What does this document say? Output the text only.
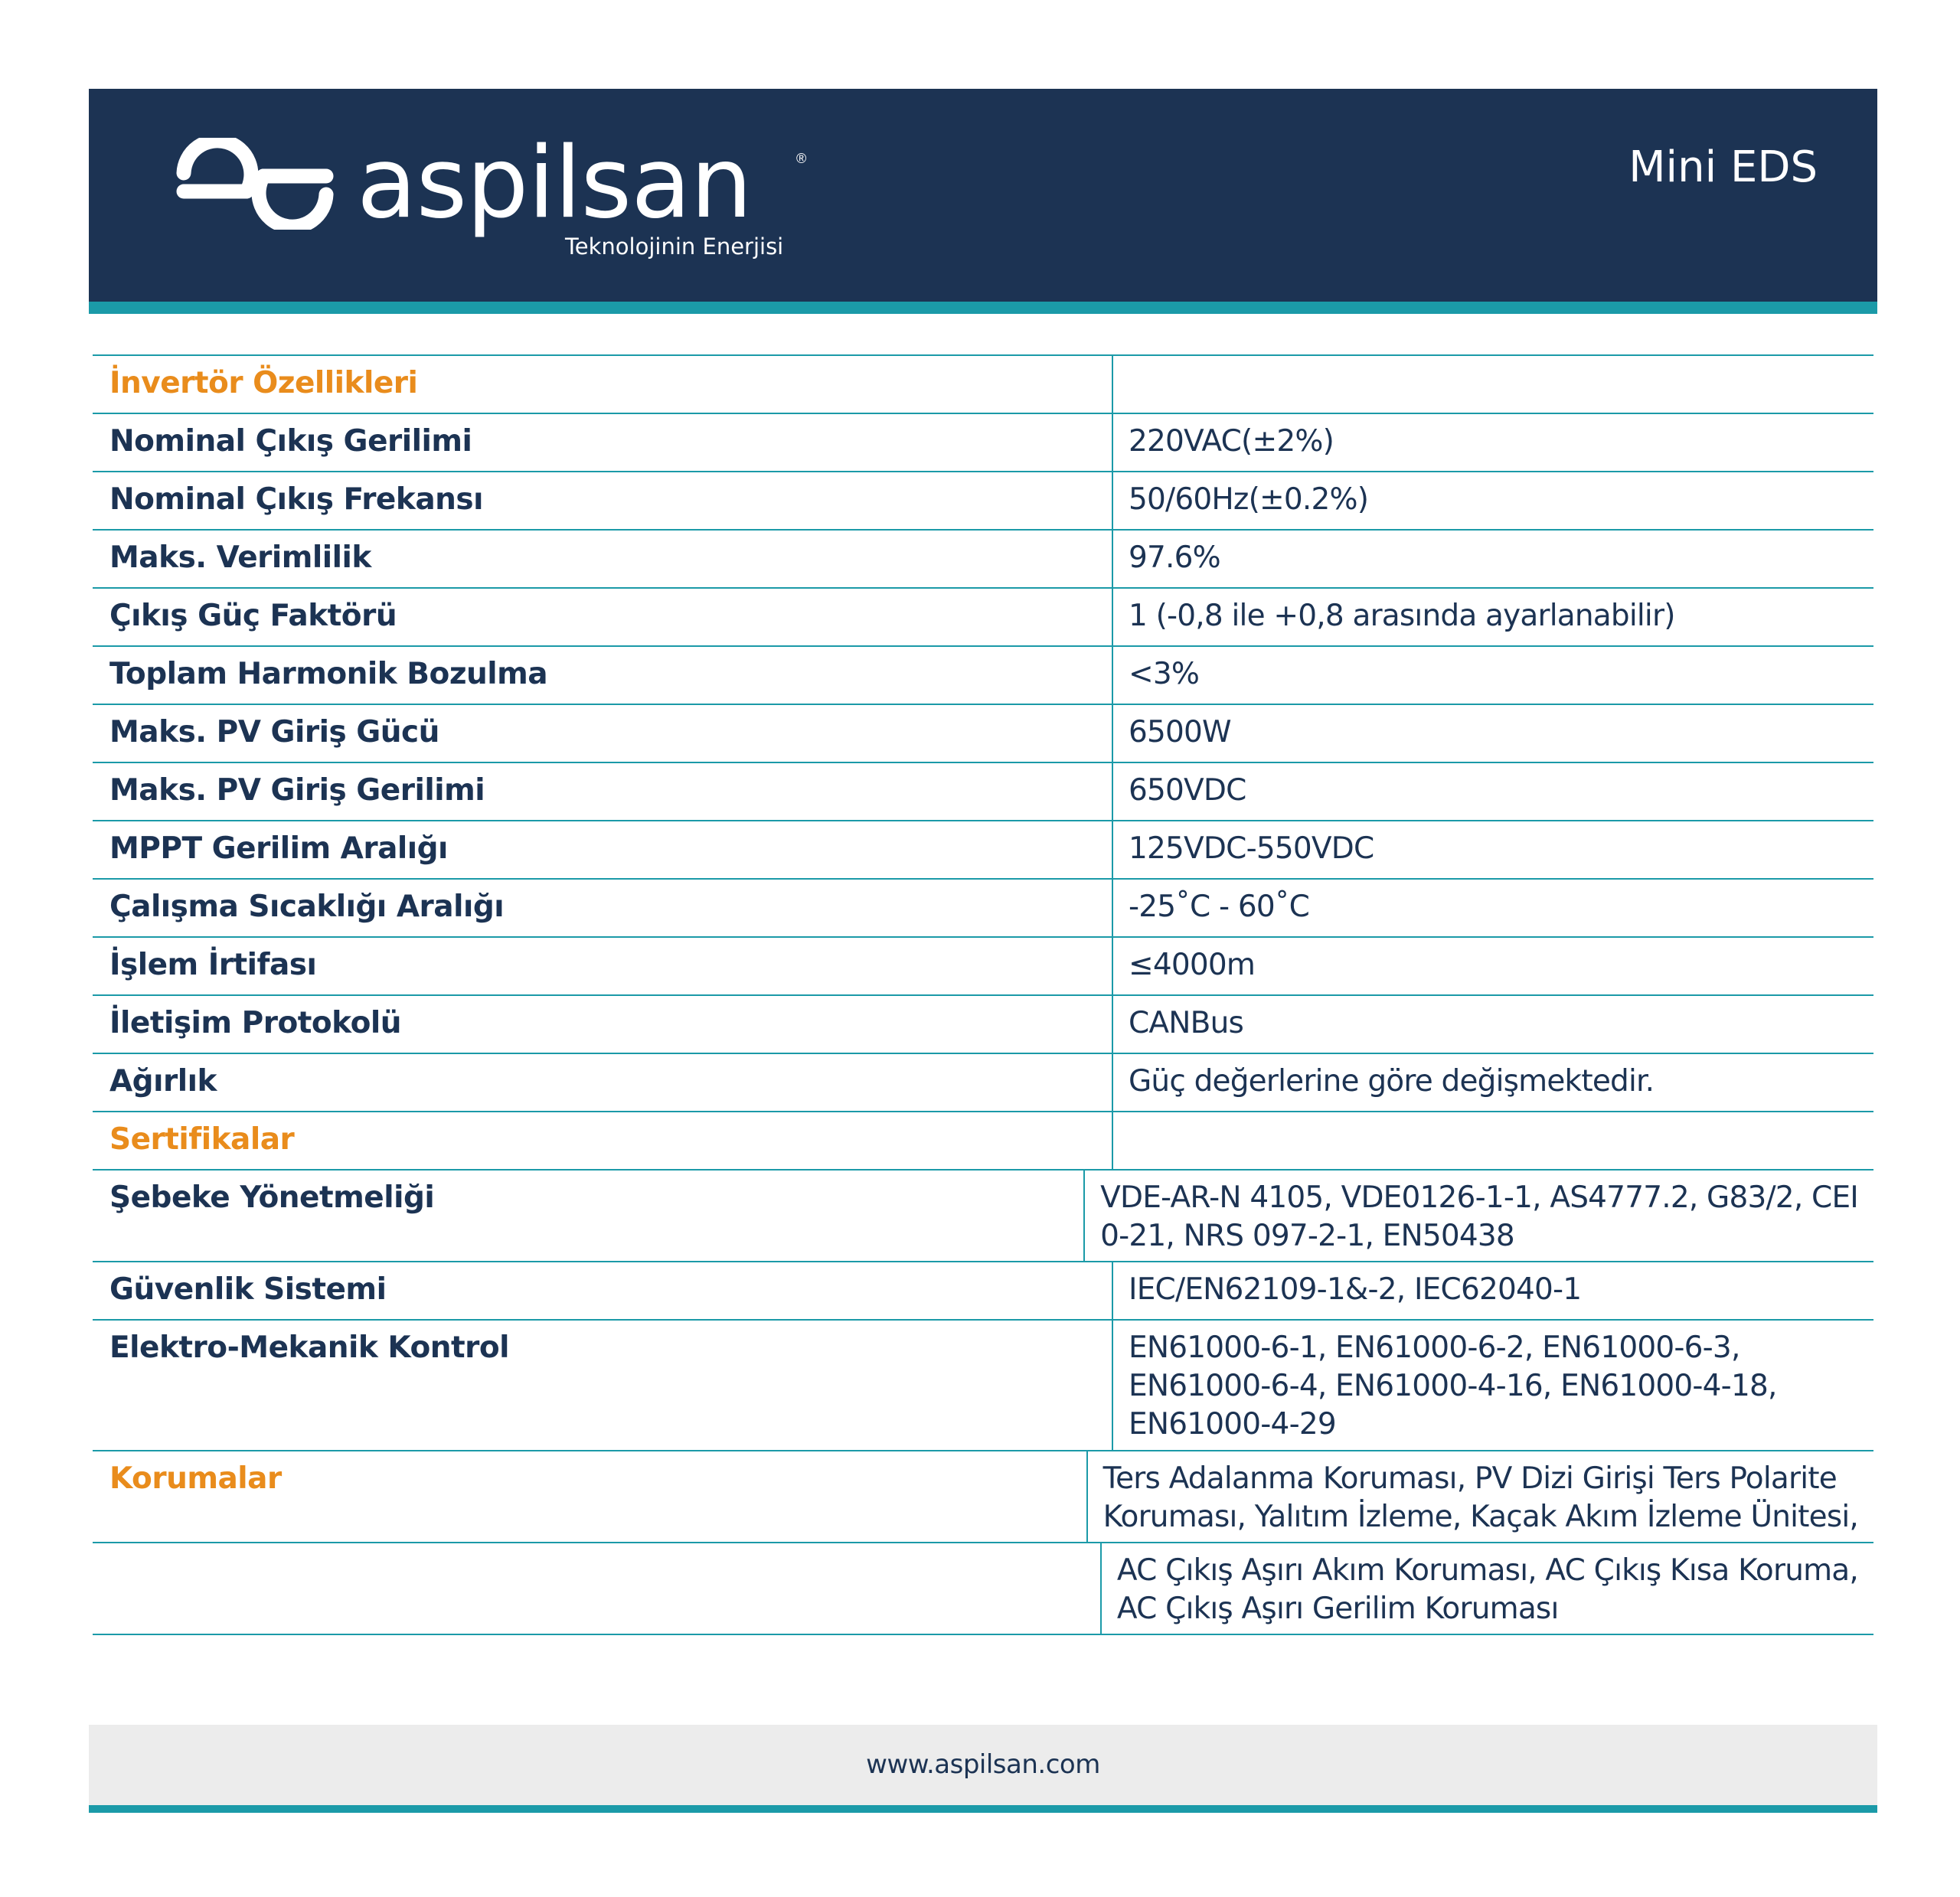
aspilsan	®
Teknolojinin Enerjisi
Mini EDS
İnvertör Özellikleri
Nominal Çıkış Gerilimi	220VAC(±2%)
Nominal Çıkış Frekansı	50/60Hz(±0.2%)
Maks. Verimlilik	97.6%
Çıkış Güç Faktörü	1 (-0,8 ile +0,8 arasında ayarlanabilir)
Toplam Harmonik Bozulma	<3%
Maks. PV Giriş Gücü	6500W
Maks. PV Giriş Gerilimi	650VDC
MPPT Gerilim Aralığı	125VDC-550VDC
Çalışma Sıcaklığı Aralığı	-25˚C - 60˚C
İşlem İrtifası	≤4000m
İletişim Protokolü	CANBus
Ağırlık	Güç değerlerine göre değişmektedir.
Sertifikalar
Şebeke Yönetmeliği	VDE-AR-N 4105, VDE0126-1-1, AS4777.2, G83/2, CEI
0-21, NRS 097-2-1, EN50438
Güvenlik Sistemi	IEC/EN62109-1&-2, IEC62040-1
Elektro-Mekanik Kontrol	EN61000-6-1, EN61000-6-2, EN61000-6-3,
EN61000-6-4, EN61000-4-16, EN61000-4-18,
EN61000-4-29
Korumalar	Ters Adalanma Koruması, PV Dizi Girişi Ters Polarite
Koruması, Yalıtım İzleme, Kaçak Akım İzleme Ünitesi,
AC Çıkış Aşırı Akım Koruması, AC Çıkış Kısa Koruma,
AC Çıkış Aşırı Gerilim Koruması
www.aspilsan.com
